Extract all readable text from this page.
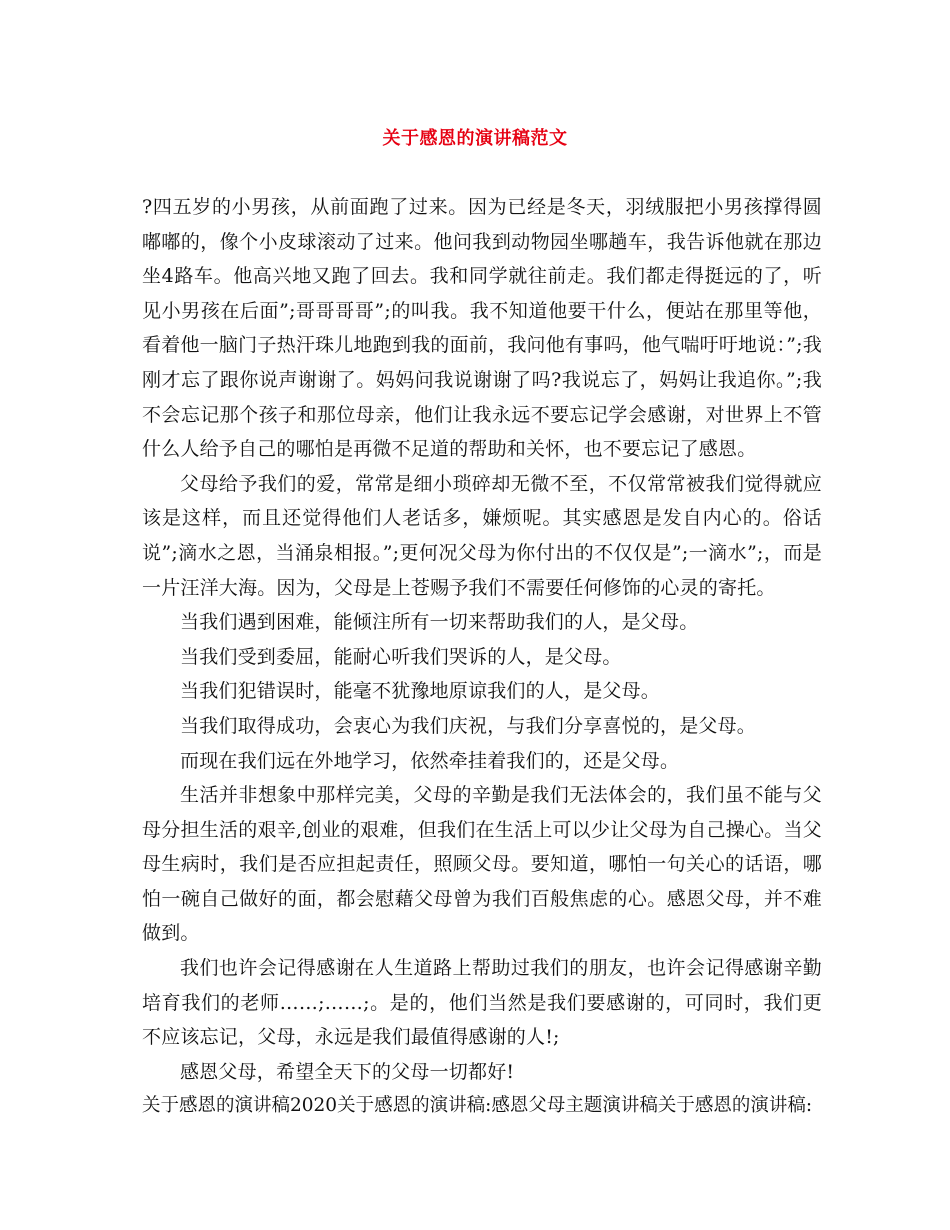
关于感恩的演讲稿范文

?四五岁的小男孩，从前面跑了过来。因为已经是冬天，羽绒服把小男孩撑得圆嘟嘟的，像个小皮球滚动了过来。他问我到动物园坐哪趟车，我告诉他就在那边坐4路车。他高兴地又跑了回去。我和同学就往前走。我们都走得挺远的了，听见小男孩在后面”;哥哥哥哥”;的叫我。我不知道他要干什么，便站在那里等他，看着他一脑门子热汗珠儿地跑到我的面前，我问他有事吗，他气喘吁吁地说：”;我刚才忘了跟你说声谢谢了。妈妈问我说谢谢了吗?我说忘了，妈妈让我追你。”;我不会忘记那个孩子和那位母亲，他们让我永远不要忘记学会感谢，对世界上不管什么人给予自己的哪怕是再微不足道的帮助和关怀，也不要忘记了感恩。

父母给予我们的爱，常常是细小琐碎却无微不至，不仅常常被我们觉得就应该是这样，而且还觉得他们人老话多，嫌烦呢。其实感恩是发自内心的。俗话说”;滴水之恩，当涌泉相报。”;更何况父母为你付出的不仅仅是”;一滴水”;，而是一片汪洋大海。因为，父母是上苍赐予我们不需要任何修饰的心灵的寄托。

当我们遇到困难，能倾注所有一切来帮助我们的人，是父母。

当我们受到委屈，能耐心听我们哭诉的人，是父母。

当我们犯错误时，能毫不犹豫地原谅我们的人，是父母。

当我们取得成功，会衷心为我们庆祝，与我们分享喜悦的，是父母。

而现在我们远在外地学习，依然牵挂着我们的，还是父母。

生活并非想象中那样完美，父母的辛勤是我们无法体会的，我们虽不能与父母分担生活的艰辛,创业的艰难，但我们在生活上可以少让父母为自己操心。当父母生病时，我们是否应担起责任，照顾父母。要知道，哪怕一句关心的话语，哪怕一碗自己做好的面，都会慰藉父母曾为我们百般焦虑的心。感恩父母，并不难做到。

我们也许会记得感谢在人生道路上帮助过我们的朋友，也许会记得感谢辛勤培育我们的老师……;……;。是的，他们当然是我们要感谢的，可同时，我们更不应该忘记，父母，永远是我们最值得感谢的人!;

感恩父母，希望全天下的父母一切都好!

关于感恩的演讲稿2020关于感恩的演讲稿:感恩父母主题演讲稿关于感恩的演讲稿:
